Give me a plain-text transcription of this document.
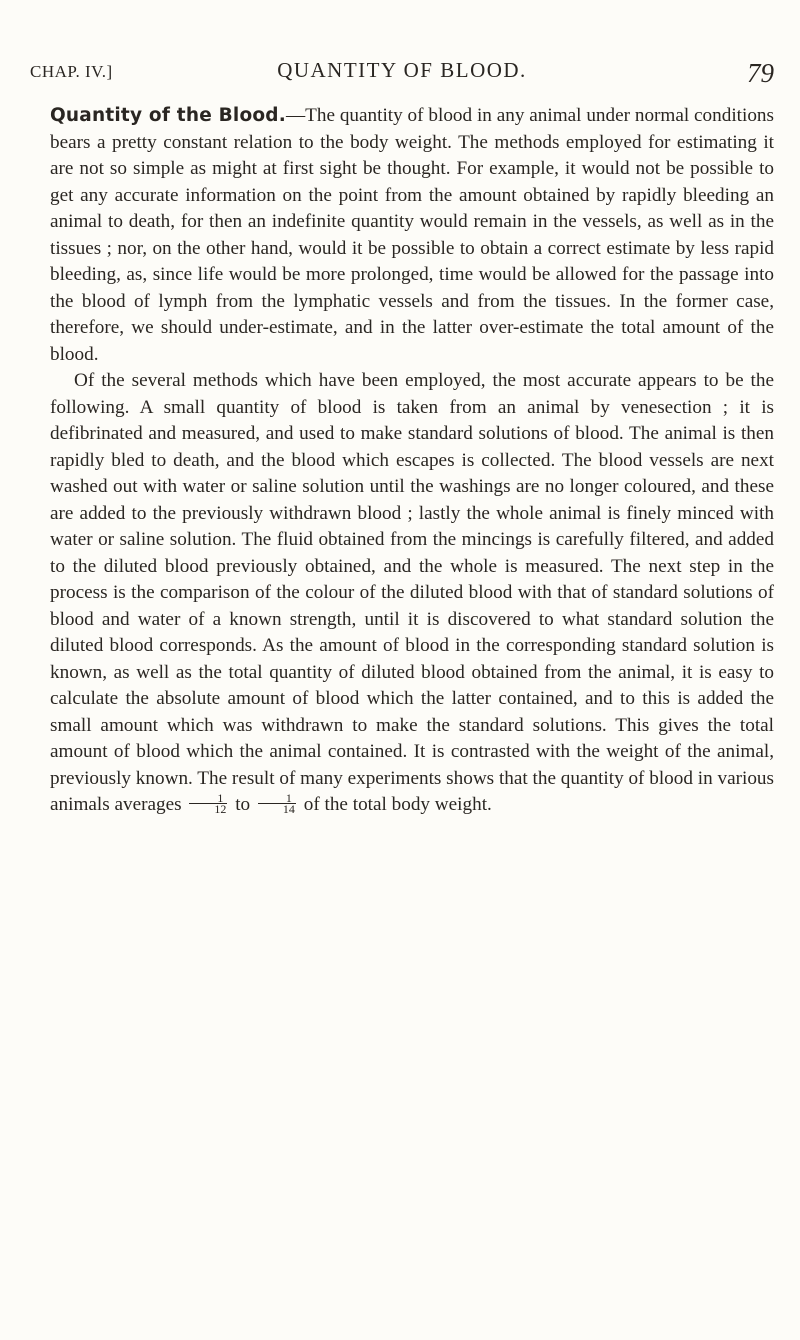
CHAP. IV.]	QUANTITY OF BLOOD.	79

Quantity of the Blood.—The quantity of blood in any animal under normal conditions bears a pretty constant relation to the body weight. The methods employed for estimating it are not so simple as might at first sight be thought. For example, it would not be possible to get any accurate information on the point from the amount obtained by rapidly bleeding an animal to death, for then an indefinite quantity would remain in the vessels, as well as in the tissues ; nor, on the other hand, would it be possible to obtain a correct estimate by less rapid bleeding, as, since life would be more prolonged, time would be allowed for the passage into the blood of lymph from the lymphatic vessels and from the tissues. In the former case, therefore, we should under-estimate, and in the latter over-estimate the total amount of the blood.

Of the several methods which have been employed, the most accurate appears to be the following. A small quantity of blood is taken from an animal by venesection ; it is defibrinated and measured, and used to make standard solutions of blood. The animal is then rapidly bled to death, and the blood which escapes is collected. The blood vessels are next washed out with water or saline solution until the washings are no longer coloured, and these are added to the previously withdrawn blood ; lastly the whole animal is finely minced with water or saline solution. The fluid obtained from the mincings is carefully filtered, and added to the diluted blood previously obtained, and the whole is measured. The next step in the process is the comparison of the colour of the diluted blood with that of standard solutions of blood and water of a known strength, until it is discovered to what standard solution the diluted blood corresponds. As the amount of blood in the corresponding standard solution is known, as well as the total quantity of diluted blood obtained from the animal, it is easy to calculate the absolute amount of blood which the latter contained, and to this is added the small amount which was withdrawn to make the standard solutions. This gives the total amount of blood which the animal contained. It is contrasted with the weight of the animal, previously known. The result of many experiments shows that the quantity of blood in various animals averages $\frac{1}{12}$ to $\frac{1}{14}$ of the total body weight.
